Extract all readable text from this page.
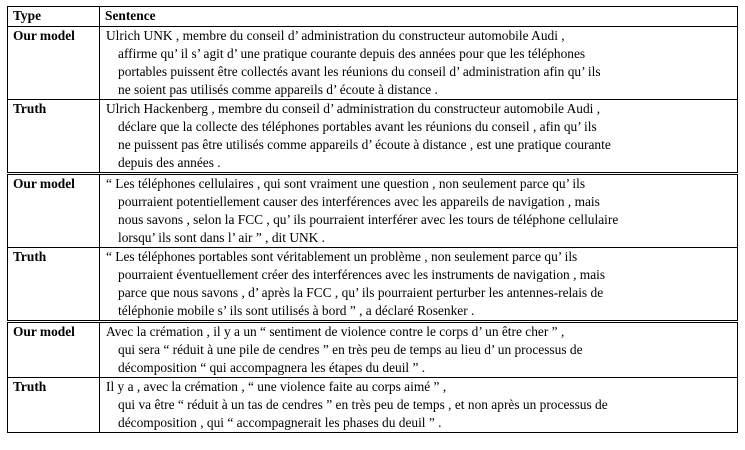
Type	Sentence
Our model	Ulrich UNK , membre du conseil d’ administration du constructeur automobile Audi ,
affirme qu’ il s’ agit d’ une pratique courante depuis des années pour que les téléphones
portables puissent être collectés avant les réunions du conseil d’ administration afin qu’ ils
ne soient pas utilisés comme appareils d’ écoute à distance .

Truth	Ulrich Hackenberg , membre du conseil d’ administration du constructeur automobile Audi ,
déclare que la collecte des téléphones portables avant les réunions du conseil , afin qu’ ils
ne puissent pas être utilisés comme appareils d’ écoute à distance , est une pratique courante
depuis des années .

Our model	“ Les téléphones cellulaires , qui sont vraiment une question , non seulement parce qu’ ils
pourraient potentiellement causer des interférences avec les appareils de navigation , mais
nous savons , selon la FCC , qu’ ils pourraient interférer avec les tours de téléphone cellulaire
lorsqu’ ils sont dans l’ air ” , dit UNK .

Truth	“ Les téléphones portables sont véritablement un problème , non seulement parce qu’ ils
pourraient éventuellement créer des interférences avec les instruments de navigation , mais
parce que nous savons , d’ après la FCC , qu’ ils pourraient perturber les antennes-relais de
téléphonie mobile s’ ils sont utilisés à bord ” , a déclaré Rosenker .

Our model	Avec la crémation , il y a un “ sentiment de violence contre le corps d’ un être cher ” ,
qui sera “ réduit à une pile de cendres ” en très peu de temps au lieu d’ un processus de
décomposition “ qui accompagnera les étapes du deuil ” .

Truth	Il y a , avec la crémation , “ une violence faite au corps aimé ” ,
qui va être “ réduit à un tas de cendres ” en très peu de temps , et non après un processus de
décomposition , qui “ accompagnerait les phases du deuil ” .
